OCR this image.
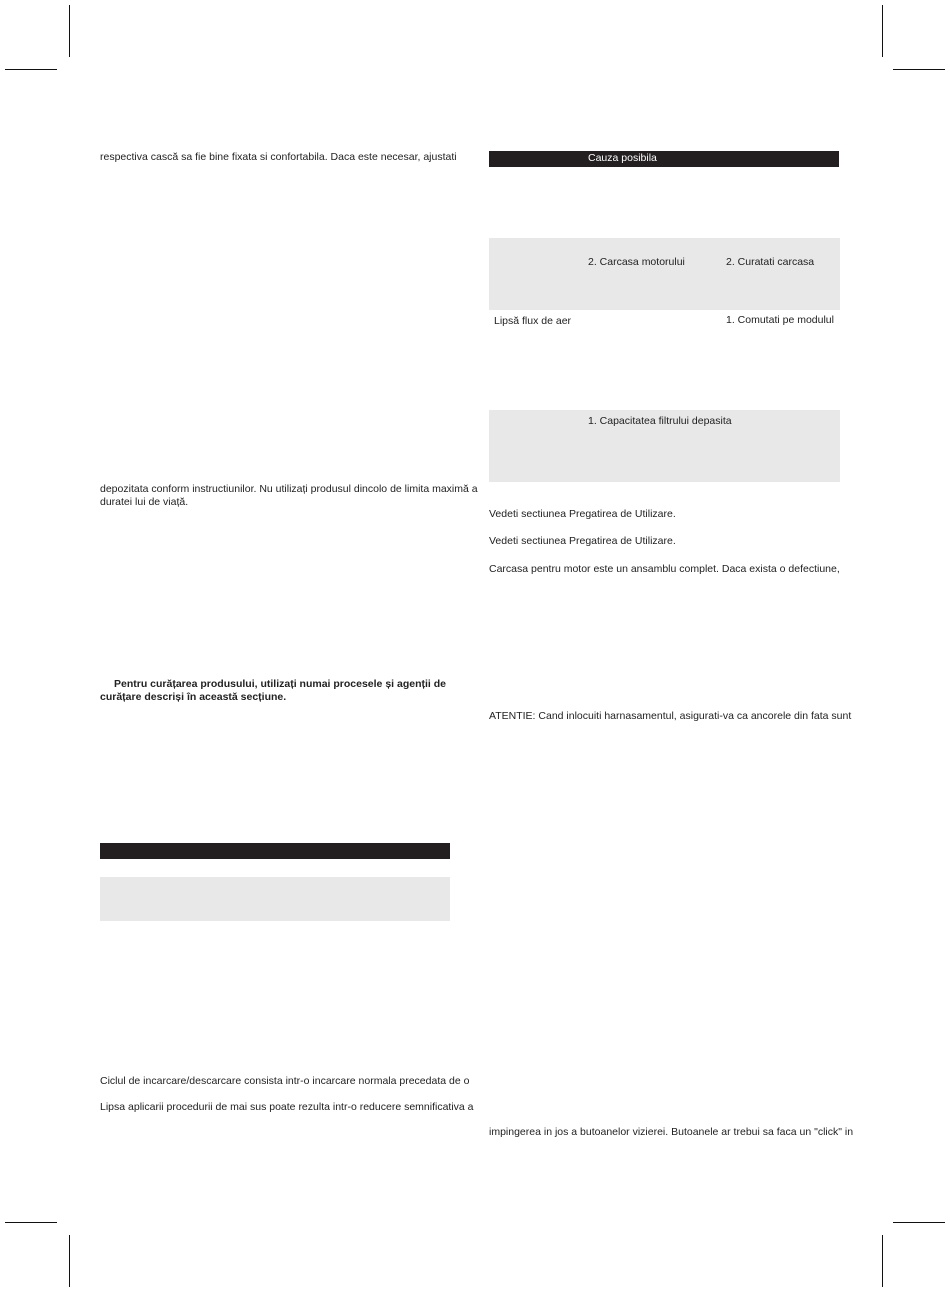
respectiva cască sa fie bine fixata si confortabila. Daca este necesar, ajustati
depozitata conform instructiunilor. Nu utilizați produsul dincolo de limita maximă a
duratei lui de viață.
Pentru curățarea produsului, utilizați numai procesele și agenții de
curățare descriși în această secțiune.
Ciclul de incarcare/descarcare consista intr-o incarcare normala precedata de o
Lipsa aplicarii procedurii de mai sus poate rezulta intr-o reducere semnificativa a
Cauza posibila
2. Carcasa motorului	2. Curatati carcasa
Lipsă flux de aer	1. Comutati pe modulul
1. Capacitatea filtrului depasita
Vedeti sectiunea Pregatirea de Utilizare.
Vedeti sectiunea Pregatirea de Utilizare.
Carcasa pentru motor este un ansamblu complet. Daca exista o defectiune,
ATENTIE: Cand inlocuiti harnasamentul, asigurati-va ca ancorele din fata sunt
impingerea in jos a butoanelor vizierei. Butoanele ar trebui sa faca un "click" in
